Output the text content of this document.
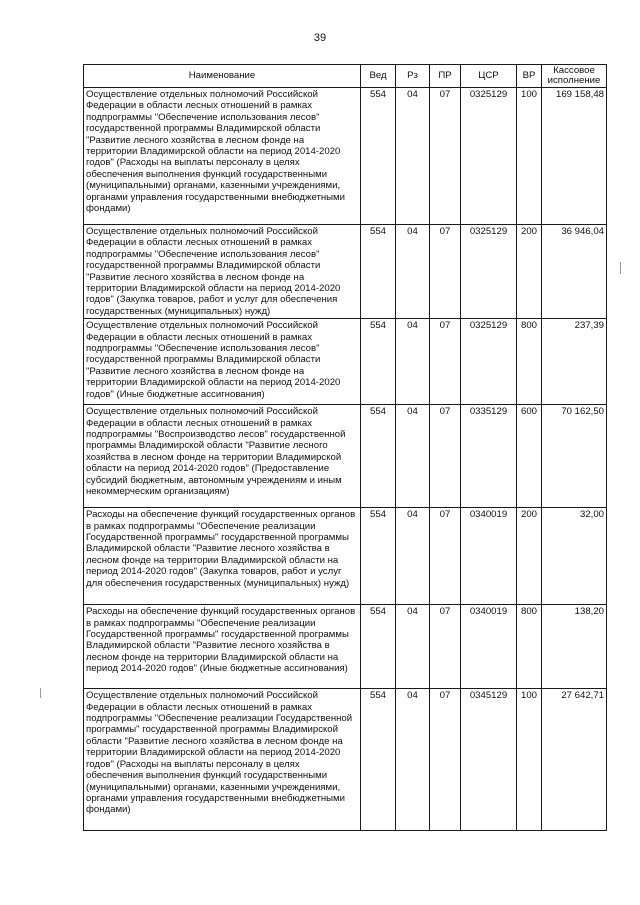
39
Наименование	Вед	Рз	ПР	ЦСР	ВР	Кассовое исполнение
Осуществление отдельных полномочий Российской Федерации в области лесных отношений в рамках подпрограммы "Обеспечение использования лесов" государственной программы Владимирской области "Развитие лесного хозяйства в лесном фонде на территории Владимирской области на период 2014-2020 годов" (Расходы на выплаты персоналу в целях обеспечения выполнения функций государственными (муниципальными) органами, казенными учреждениями, органами управления государственными внебюджетными фондами)	554	04	07	0325129	100	169 158,48
Осуществление отдельных полномочий Российской Федерации в области лесных отношений в рамках подпрограммы "Обеспечение использования лесов" государственной программы Владимирской области "Развитие лесного хозяйства в лесном фонде на территории Владимирской области на период 2014-2020 годов" (Закупка товаров, работ и услуг для обеспечения государственных (муниципальных) нужд)	554	04	07	0325129	200	36 946,04
Осуществление отдельных полномочий Российской Федерации в области лесных отношений в рамках подпрограммы "Обеспечение использования лесов" государственной программы Владимирской области "Развитие лесного хозяйства в лесном фонде на территории Владимирской области на период 2014-2020 годов" (Иные бюджетные ассигнования)	554	04	07	0325129	800	237,39
Осуществление отдельных полномочий Российской Федерации в области лесных отношений в рамках подпрограммы "Воспроизводство лесов" государственной программы Владимирской области "Развитие лесного хозяйства в лесном фонде на территории Владимирской области на период 2014-2020 годов" (Предоставление субсидий бюджетным, автономным учреждениям и иным некоммерческим организациям)	554	04	07	0335129	600	70 162,50
Расходы на обеспечение функций государственных органов в рамках подпрограммы "Обеспечение реализации Государственной программы" государственной программы Владимирской области "Развитие лесного хозяйства в лесном фонде на территории Владимирской области на период 2014-2020 годов" (Закупка товаров, работ и услуг для обеспечения государственных (муниципальных) нужд)	554	04	07	0340019	200	32,00
Расходы на обеспечение функций государственных органов в рамках подпрограммы "Обеспечение реализации Государственной программы" государственной программы Владимирской области "Развитие лесного хозяйства в лесном фонде на территории Владимирской области на период 2014-2020 годов" (Иные бюджетные ассигнования)	554	04	07	0340019	800	138,20
Осуществление отдельных полномочий Российской Федерации в области лесных отношений в рамках подпрограммы "Обеспечение реализации Государственной программы" государственной программы Владимирской области "Развитие лесного хозяйства в лесном фонде на территории Владимирской области на период 2014-2020 годов" (Расходы на выплаты персоналу в целях обеспечения выполнения функций государственными (муниципальными) органами, казенными учреждениями, органами управления государственными внебюджетными фондами)	554	04	07	0345129	100	27 642,71
